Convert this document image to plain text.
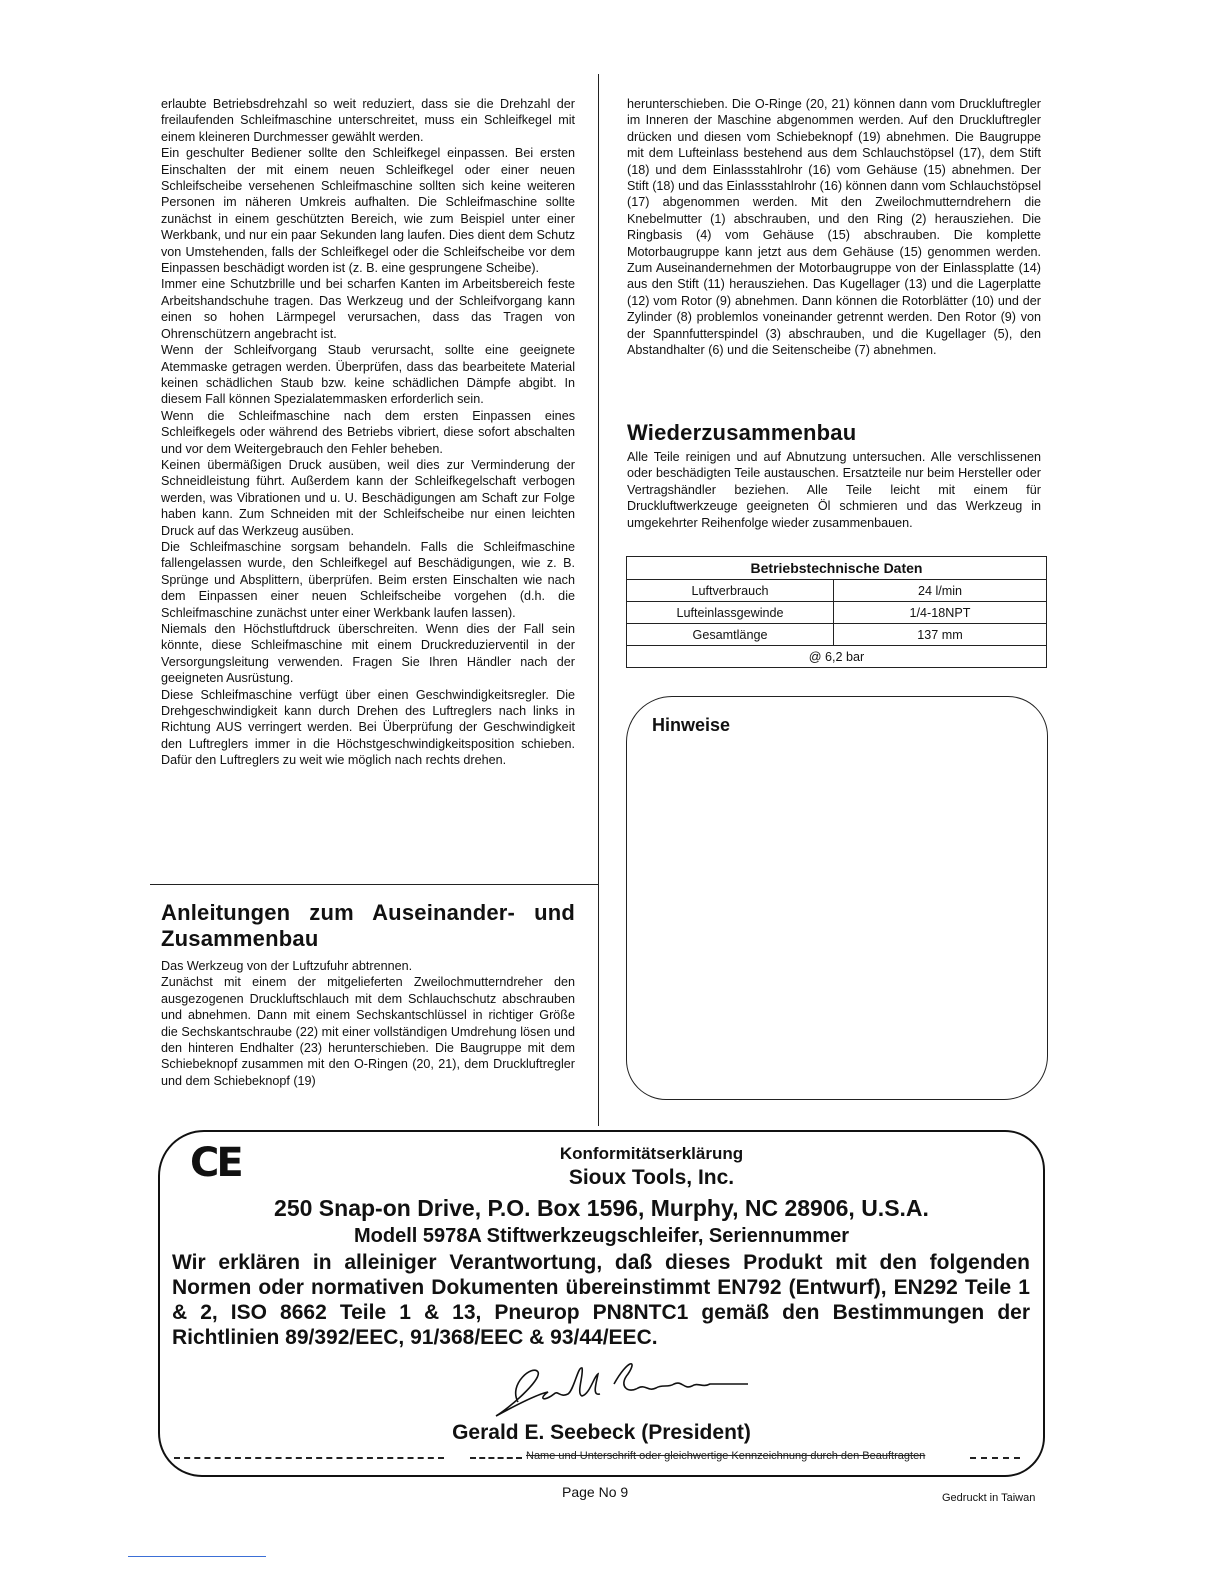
erlaubte Betriebsdrehzahl so weit reduziert, dass sie die Drehzahl der freilaufenden Schleifmaschine unterschreitet, muss ein Schleifkegel mit einem kleineren Durchmesser gewählt werden.

Ein geschulter Bediener sollte den Schleifkegel einpassen. Bei ersten Einschalten der mit einem neuen Schleifkegel oder einer neuen Schleifscheibe versehenen Schleifmaschine sollten sich keine weiteren Personen im näheren Umkreis aufhalten. Die Schleifmaschine sollte zunächst in einem geschützten Bereich, wie zum Beispiel unter einer Werkbank, und nur ein paar Sekunden lang laufen. Dies dient dem Schutz von Umstehenden, falls der Schleifkegel oder die Schleifscheibe vor dem Einpassen beschädigt worden ist (z. B. eine gesprungene Scheibe).

Immer eine Schutzbrille und bei scharfen Kanten im Arbeitsbereich feste Arbeitshandschuhe tragen. Das Werkzeug und der Schleifvorgang kann einen so hohen Lärmpegel verursachen, dass das Tragen von Ohrenschützern angebracht ist.

Wenn der Schleifvorgang Staub verursacht, sollte eine geeignete Atemmaske getragen werden. Überprüfen, dass das bearbeitete Material keinen schädlichen Staub bzw. keine schädlichen Dämpfe abgibt. In diesem Fall können Spezialatemmasken erforderlich sein.

Wenn die Schleifmaschine nach dem ersten Einpassen eines Schleifkegels oder während des Betriebs vibriert, diese sofort abschalten und vor dem Weitergebrauch den Fehler beheben.

Keinen übermäßigen Druck ausüben, weil dies zur Verminderung der Schneidleistung führt. Außerdem kann der Schleifkegelschaft verbogen werden, was Vibrationen und u. U. Beschädigungen am Schaft zur Folge haben kann. Zum Schneiden mit der Schleifscheibe nur einen leichten Druck auf das Werkzeug ausüben.

Die Schleifmaschine sorgsam behandeln. Falls die Schleifmaschine fallengelassen wurde, den Schleifkegel auf Beschädigungen, wie z. B. Sprünge und Absplittern, überprüfen. Beim ersten Einschalten wie nach dem Einpassen einer neuen Schleifscheibe vorgehen (d.h. die Schleifmaschine zunächst unter einer Werkbank laufen lassen).

Niemals den Höchstluftdruck überschreiten. Wenn dies der Fall sein könnte, diese Schleifmaschine mit einem Druckreduzierventil in der Versorgungsleitung verwenden. Fragen Sie Ihren Händler nach der geeigneten Ausrüstung.

Diese Schleifmaschine verfügt über einen Geschwindigkeitsregler. Die Drehgeschwindigkeit kann durch Drehen des Luftreglers nach links in Richtung AUS verringert werden. Bei Überprüfung der Geschwindigkeit den Luftreglers immer in die Höchstgeschwindigkeitsposition schieben. Dafür den Luftreglers zu weit wie möglich nach rechts drehen.

Anleitungen zum Auseinander- und Zusammenbau

Das Werkzeug von der Luftzufuhr abtrennen.

Zunächst mit einem der mitgelieferten Zweilochmutterndreher den ausgezogenen Druckluftschlauch mit dem Schlauchschutz abschrauben und abnehmen. Dann mit einem Sechskantschlüssel in richtiger Größe die Sechskantschraube (22) mit einer vollständigen Umdrehung lösen und den hinteren Endhalter (23) herunterschieben. Die Baugruppe mit dem Schiebeknopf zusammen mit den O-Ringen (20, 21), dem Druckluftregler und dem Schiebeknopf (19)

herunterschieben. Die O-Ringe (20, 21) können dann vom Druckluftregler im Inneren der Maschine abgenommen werden. Auf den Druckluftregler drücken und diesen vom Schiebeknopf (19) abnehmen. Die Baugruppe mit dem Lufteinlass bestehend aus dem Schlauchstöpsel (17), dem Stift (18) und dem Einlassstahlrohr (16) vom Gehäuse (15) abnehmen. Der Stift (18) und das Einlassstahlrohr (16) können dann vom Schlauchstöpsel (17) abgenommen werden. Mit den Zweilochmutterndrehern die Knebelmutter (1) abschrauben, und den Ring (2) herausziehen. Die Ringbasis (4) vom Gehäuse (15) abschrauben. Die komplette Motorbaugruppe kann jetzt aus dem Gehäuse (15) genommen werden. Zum Auseinandernehmen der Motorbaugruppe von der Einlassplatte (14) aus den Stift (11) herausziehen. Das Kugellager (13) und die Lagerplatte (12) vom Rotor (9) abnehmen. Dann können die Rotorblätter (10) und der Zylinder (8) problemlos voneinander getrennt werden. Den Rotor (9) von der Spannfutterspindel (3) abschrauben, und die Kugellager (5), den Abstandhalter (6) und die Seitenscheibe (7) abnehmen.

Wiederzusammenbau
Alle Teile reinigen und auf Abnutzung untersuchen. Alle verschlissenen oder beschädigten Teile austauschen. Ersatzteile nur beim Hersteller oder Vertragshändler beziehen. Alle Teile leicht mit einem für Druckluftwerkzeuge geeigneten Öl schmieren und das Werkzeug in umgekehrter Reihenfolge wieder zusammenbauen.
Betriebstechnische Daten	
Luftverbrauch	24 l/min
Lufteinlassgewinde	1/4-18NPT
Gesamtlänge	137 mm
@ 6,2 bar	
Hinweise
CE	Konformitätserklärung
Sioux Tools, Inc.
250 Snap-on Drive, P.O. Box 1596, Murphy, NC 28906, U.S.A.
Modell 5978A Stiftwerkzeugschleifer, Seriennummer
Wir erklären in alleiniger Verantwortung, daß dieses Produkt mit den folgenden Normen oder normativen Dokumenten übereinstimmt EN792 (Entwurf), EN292 Teile 1 & 2, ISO 8662 Teile 1 & 13, Pneurop PN8NTC1 gemäß den Bestimmungen der Richtlinien 89/392/EEC, 91/368/EEC & 93/44/EEC.
Gerald E. Seebeck (President)
Name und Unterschrift oder gleichwertige Kennzeichnung durch den Beauftragten
Page No 9	Gedruckt in Taiwan
